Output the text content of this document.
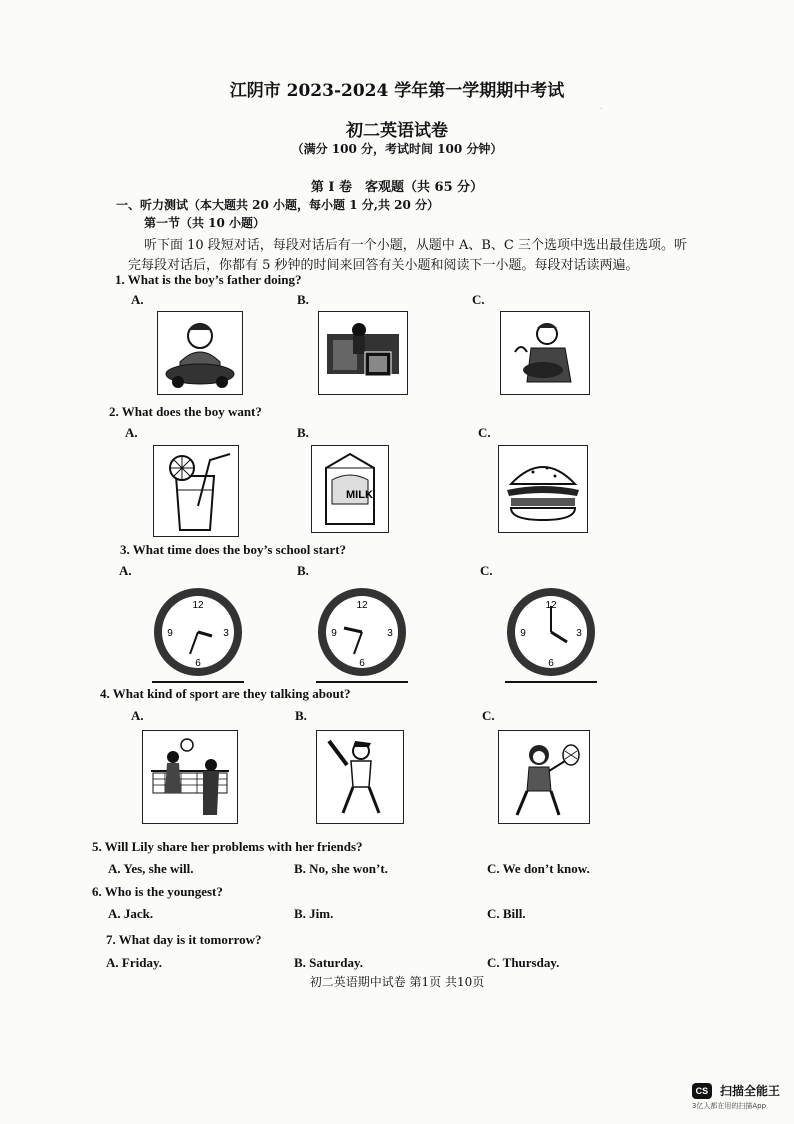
.
江阴市 2023-2024 学年第一学期期中考试
初二英语试卷
（满分 100 分，考试时间 100 分钟）
第 I 卷　客观题（共 65 分）
一、听力测试（本大题共 20 小题，每小题 1 分,共 20 分）
第一节（共 10 小题）
听下面 10 段短对话，每段对话后有一个小题，从题中 A、B、C 三个选项中选出最佳选项。听
完每段对话后，你都有 5 秒钟的时间来回答有关小题和阅读下一小题。每段对话读两遍。
1. What is the boy’s father doing?
A.	B.	C.
2. What does the boy want?
A.	B.	C.
MILK
3. What time does the boy’s school start?
A.	B.	C.
12
3
6
9
12
3
6
9
12
3
6
9
4. What kind of sport are they talking about?
A.	B.	C.
5. Will Lily share her problems with her friends?
A. Yes, she will.	B. No, she won’t.	C. We don’t know.
6. Who is the youngest?
A. Jack.	B. Jim.	C. Bill.
7. What day is it tomorrow?
A. Friday.	B. Saturday.	C. Thursday.
初二英语期中试卷 第1页 共10页
CS 扫描全能王
3亿人都在用的扫描App
